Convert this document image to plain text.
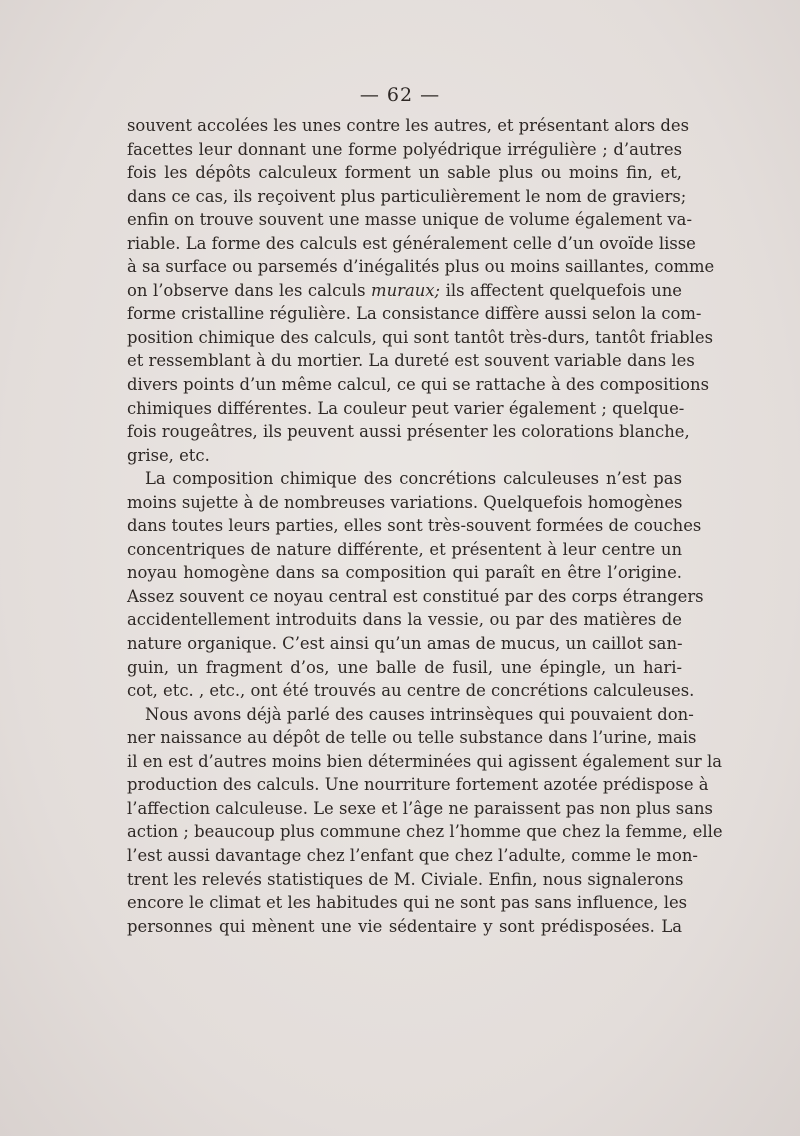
— 62 —
souvent accolées les unes contre les autres, et présentant alors des
facettes leur donnant une forme polyédrique irrégulière ; d’autres
fois les dépôts calculeux forment un sable plus ou moins fin, et,
dans ce cas, ils reçoivent plus particulièrement le nom de graviers;
enfin on trouve souvent une masse unique de volume également va-
riable. La forme des calculs est généralement celle d’un ovoïde lisse
à sa surface ou parsemés d’inégalités plus ou moins saillantes, comme
on l’observe dans les calculs muraux; ils affectent quelquefois une
forme cristalline régulière. La consistance diffère aussi selon la com-
position chimique des calculs, qui sont tantôt très-durs, tantôt friables
et ressemblant à du mortier. La dureté est souvent variable dans les
divers points d’un même calcul, ce qui se rattache à des compositions
chimiques différentes. La couleur peut varier également ; quelque-
fois rougeâtres, ils peuvent aussi présenter les colorations blanche,
grise, etc.
La composition chimique des concrétions calculeuses n’est pas
moins sujette à de nombreuses variations. Quelquefois homogènes
dans toutes leurs parties, elles sont très-souvent formées de couches
concentriques de nature différente, et présentent à leur centre un
noyau homogène dans sa composition qui paraît en être l’origine.
Assez souvent ce noyau central est constitué par des corps étrangers
accidentellement introduits dans la vessie, ou par des matières de
nature organique. C’est ainsi qu’un amas de mucus, un caillot san-
guin, un fragment d’os, une balle de fusil, une épingle, un hari-
cot, etc. , etc., ont été trouvés au centre de concrétions calculeuses.
Nous avons déjà parlé des causes intrinsèques qui pouvaient don-
ner naissance au dépôt de telle ou telle substance dans l’urine, mais
il en est d’autres moins bien déterminées qui agissent également sur la
production des calculs. Une nourriture fortement azotée prédispose à
l’affection calculeuse. Le sexe et l’âge ne paraissent pas non plus sans
action ; beaucoup plus commune chez l’homme que chez la femme, elle
l’est aussi davantage chez l’enfant que chez l’adulte, comme le mon-
trent les relevés statistiques de M. Civiale. Enfin, nous signalerons
encore le climat et les habitudes qui ne sont pas sans influence, les
personnes qui mènent une vie sédentaire y sont prédisposées. La
